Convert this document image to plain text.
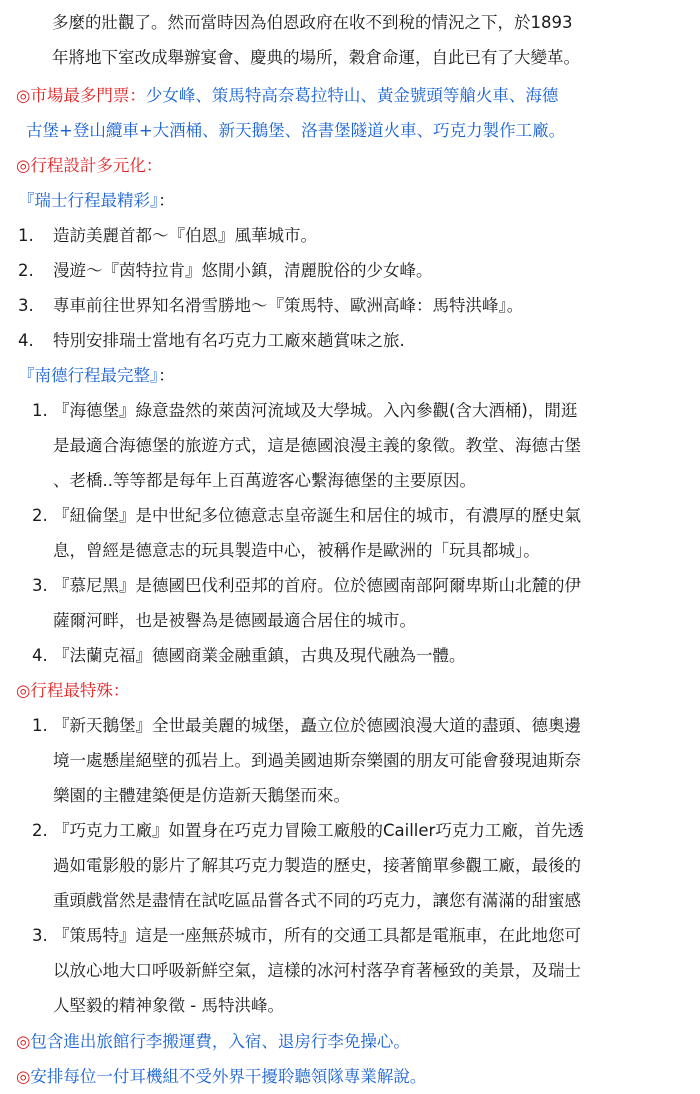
多麼的壯觀了。然而當時因為伯恩政府在收不到稅的情況之下，於1893
年將地下室改成舉辦宴會、慶典的場所，穀倉命運，自此已有了大變革。
◎市場最多門票：少女峰、策馬特高奈葛拉特山、黃金號頭等艙火車、海德
古堡+登山纜車+大酒桶、新天鵝堡、洛書堡隧道火車、巧克力製作工廠。
◎行程設計多元化：
『瑞士行程最精彩』：
1. 造訪美麗首都～『伯恩』風華城市。
2. 漫遊～『茵特拉肯』悠閒小鎮，清麗脫俗的少女峰。
3. 專車前往世界知名滑雪勝地～『策馬特、歐洲高峰：馬特洪峰』。
4. 特別安排瑞士當地有名巧克力工廠來趟賞味之旅.
『南德行程最完整』：
1. 『海德堡』綠意盎然的萊茵河流域及大學城。入內參觀(含大酒桶)，閒逛
是最適合海德堡的旅遊方式，這是德國浪漫主義的象徵。教堂、海德古堡
、老橋..等等都是每年上百萬遊客心繫海德堡的主要原因。
2. 『紐倫堡』是中世紀多位德意志皇帝誕生和居住的城市，有濃厚的歷史氣
息，曾經是德意志的玩具製造中心，被稱作是歐洲的「玩具都城」。
3. 『慕尼黑』是德國巴伐利亞邦的首府。位於德國南部阿爾卑斯山北麓的伊
薩爾河畔，也是被譽為是德國最適合居住的城市。
4. 『法蘭克福』德國商業金融重鎮，古典及現代融為一體。
◎行程最特殊：
1. 『新天鵝堡』全世最美麗的城堡，矗立位於德國浪漫大道的盡頭、德奧邊
境一處懸崖絕壁的孤岩上。到過美國迪斯奈樂園的朋友可能會發現迪斯奈
樂園的主體建築便是仿造新天鵝堡而來。
2. 『巧克力工廠』如置身在巧克力冒險工廠般的Cailler巧克力工廠，首先透
過如電影般的影片了解其巧克力製造的歷史，接著簡單參觀工廠，最後的
重頭戲當然是盡情在試吃區品嘗各式不同的巧克力，讓您有滿滿的甜蜜感
3. 『策馬特』這是一座無菸城市，所有的交通工具都是電瓶車，在此地您可
以放心地大口呼吸新鮮空氣，這樣的冰河村落孕育著極致的美景，及瑞士
人堅毅的精神象徵 - 馬特洪峰。
◎包含進出旅館行李搬運費，入宿、退房行李免操心。
◎安排每位一付耳機組不受外界干擾聆聽領隊專業解說。
